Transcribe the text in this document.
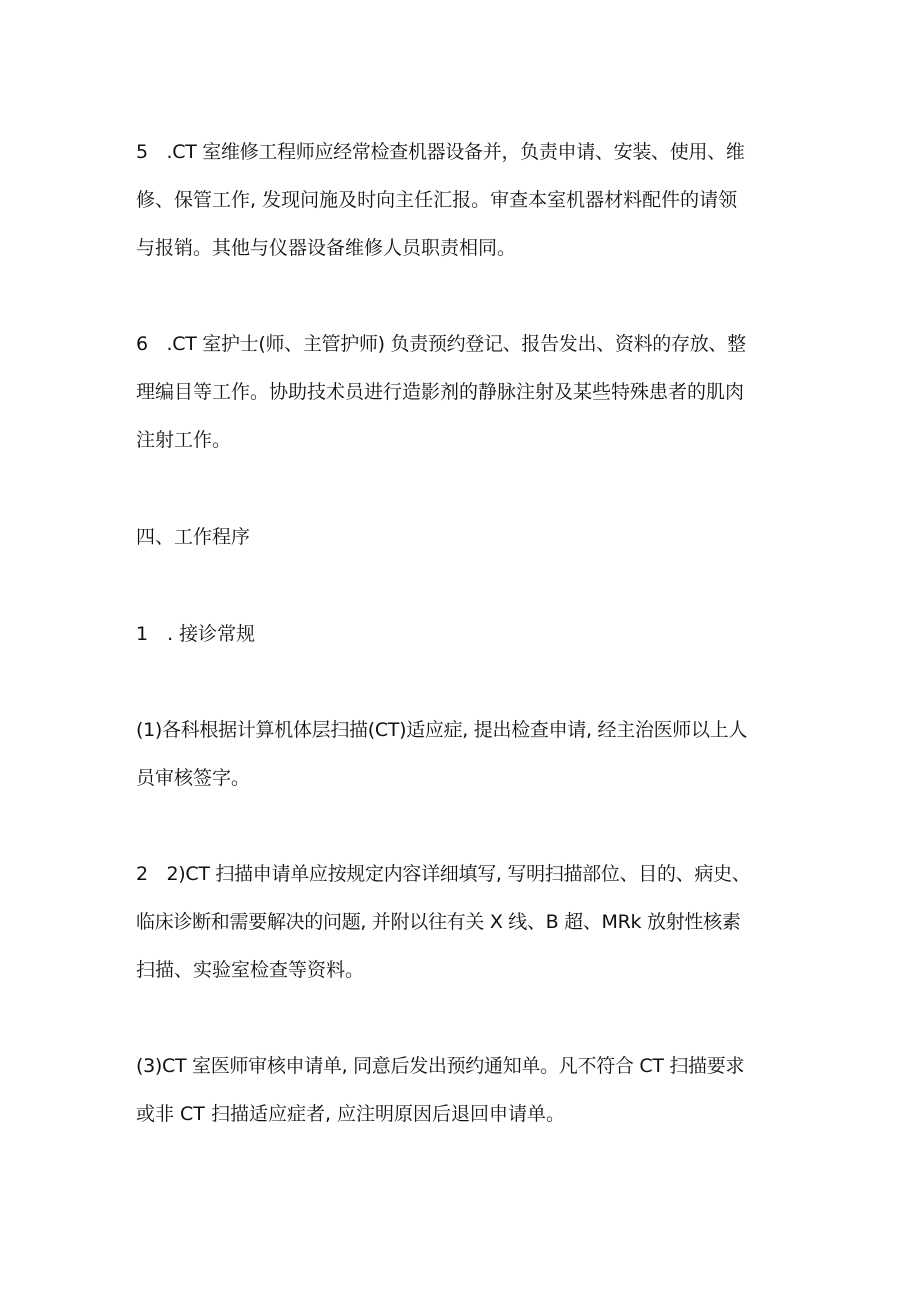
5　.CT 室维修工程师应经常检查机器设备并，负责申请、安装、使用、维
修、保管工作, 发现问施及时向主任汇报。审查本室机器材料配件的请领
与报销。其他与仪器设备维修人员职责相同。
6　.CT 室护士(师、主管护师) 负责预约登记、报告发出、资料的存放、整
理编目等工作。协助技术员进行造影剂的静脉注射及某些特殊患者的肌肉
注射工作。
四、工作程序
1　. 接诊常规
(1)各科根据计算机体层扫描(CT)适应症, 提出检查申请, 经主治医师以上人
员审核签字。
2　2)CT 扫描申请单应按规定内容详细填写, 写明扫描部位、目的、病史、
临床诊断和需要解决的问题, 并附以往有关 X 线、B 超、MRk 放射性核素
扫描、实验室检查等资料。
(3)CT 室医师审核申请单, 同意后发出预约通知单。凡不符合 CT 扫描要求
或非 CT 扫描适应症者, 应注明原因后退回申请单。
